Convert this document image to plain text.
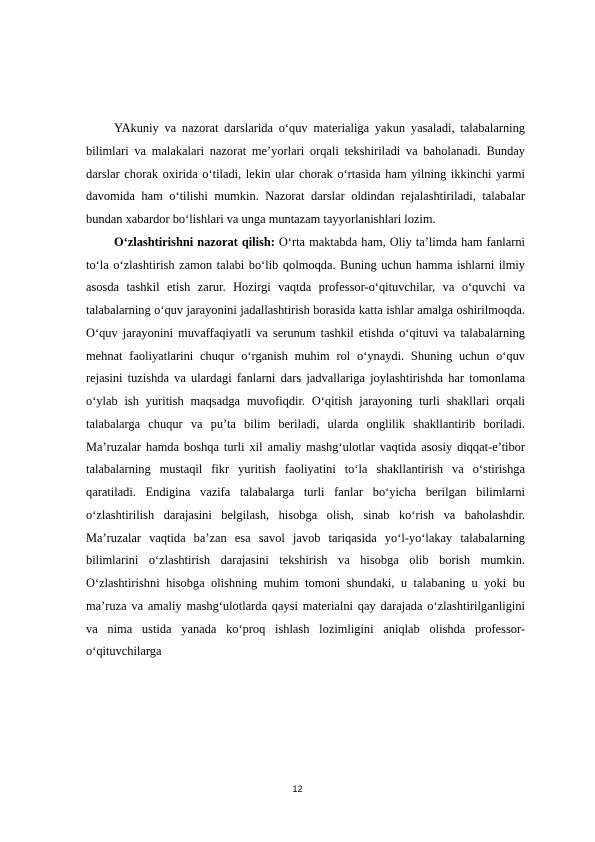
YAkuniy va nazorat darslarida o‘quv materialiga yakun yasaladi, talabalarning bilimlari va malakalari nazorat me’yorlari orqali tekshiriladi va baholanadi. Bunday darslar chorak oxirida o‘tiladi, lekin ular chorak o‘rtasida ham yilning ikkinchi yarmi davomida ham o‘tilishi mumkin. Nazorat darslar oldindan rejalashtiriladi, talabalar bundan xabardor bo‘lishlari va unga muntazam tayyorlanishlari lozim.

O‘zlashtirishni nazorat qilish: O‘rta maktabda ham, Oliy ta’limda ham fanlarni to‘la o‘zlashtirish zamon talabi bo‘lib qolmoqda. Buning uchun hamma ishlarni ilmiy asosda tashkil etish zarur. Hozirgi vaqtda professor-o‘qituvchilar, va o‘quvchi va talabalarning o‘quv jarayonini jadallashtirish borasida katta ishlar amalga oshirilmoqda. O‘quv jarayonini muvaffaqiyatli va serunum tashkil etishda o‘qituvi va talabalarning mehnat faoliyatlarini chuqur o‘rganish muhim rol o‘ynaydi. Shuning uchun o‘quv rejasini tuzishda va ulardagi fanlarni dars jadvallariga joylashtirishda har tomonlama o‘ylab ish yuritish maqsadga muvofiqdir. O‘qitish jarayoning turli shakllari orqali talabalarga chuqur va pu’ta bilim beriladi, ularda onglilik shakllantirib boriladi. Ma’ruzalar hamda boshqa turli xil amaliy mashg‘ulotlar vaqtida asosiy diqqat-e’tibor talabalarning mustaqil fikr yuritish faoliyatini to‘la shakllantirish va o‘stirishga qaratiladi. Endigina vazifa talabalarga turli fanlar bo‘yicha berilgan bilimlarni o‘zlashtirilish darajasini belgilash, hisobga olish, sinab ko‘rish va baholashdir. Ma’ruzalar vaqtida ba’zan esa savol javob tariqasida yo‘l-yo‘lakay talabalarning bilimlarini o‘zlashtirish darajasini tekshirish va hisobga olib borish mumkin. O‘zlashtirishni hisobga olishning muhim tomoni shundaki, u talabaning u yoki bu ma’ruza va amaliy mashg‘ulotlarda qaysi materialni qay darajada o‘zlashtirilganligini va nima ustida yanada ko‘proq ishlash lozimligini aniqlab olishda professor-o‘qituvchilarga

12
